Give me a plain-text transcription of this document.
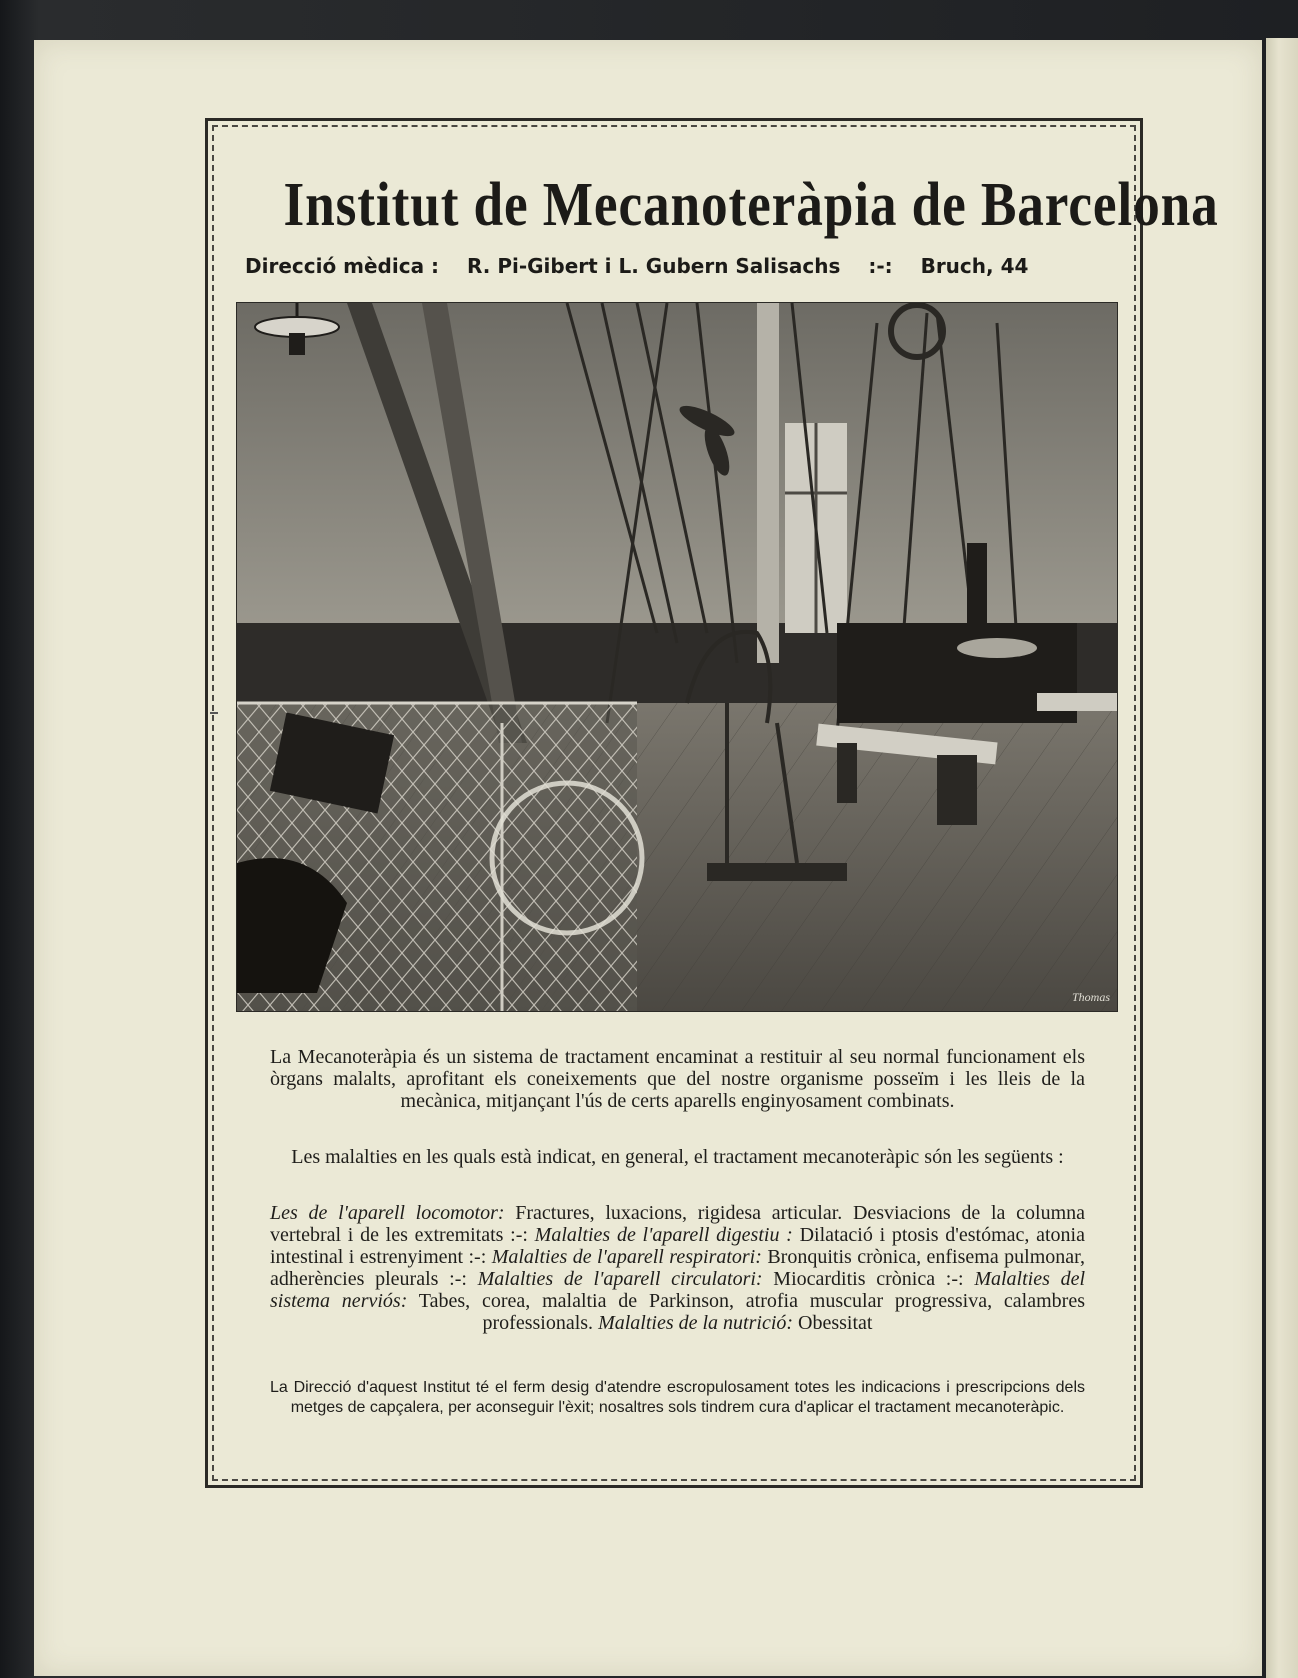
Institut de Mecanoteràpia de Barcelona
Direcció mèdica : R. Pi-Gibert i L. Gubern Salisachs :-: Bruch, 44
Thomas

La Mecanoteràpia és un sistema de tractament encaminat a restituir al seu normal funcionament els òrgans malalts, aprofitant els coneixements que del nostre organisme posseïm i les lleis de la mecànica, mitjançant l'ús de certs aparells enginyosament combinats.

Les malalties en les quals està indicat, en general, el tractament mecanoteràpic són les següents :

Les de l'aparell locomotor: Fractures, luxacions, rigidesa articular. Desviacions de la columna vertebral i de les extremitats :-: Malalties de l'aparell digestiu : Dilatació i ptosis d'estómac, atonia intestinal i estrenyiment :-: Malalties de l'aparell respiratori: Bronquitis crònica, enfisema pulmonar, adherències pleurals :-: Malalties de l'aparell circulatori: Miocarditis crònica :-: Malalties del sistema nerviós: Tabes, corea, malaltia de Parkinson, atrofia muscular progressiva, calambres professionals. Malalties de la nutrició: Obessitat

La Direcció d'aquest Institut té el ferm desig d'atendre escropulosament totes les indicacions i prescripcions dels metges de capçalera, per aconseguir l'èxit; nosaltres sols tindrem cura d'aplicar el tractament mecanoteràpic.
